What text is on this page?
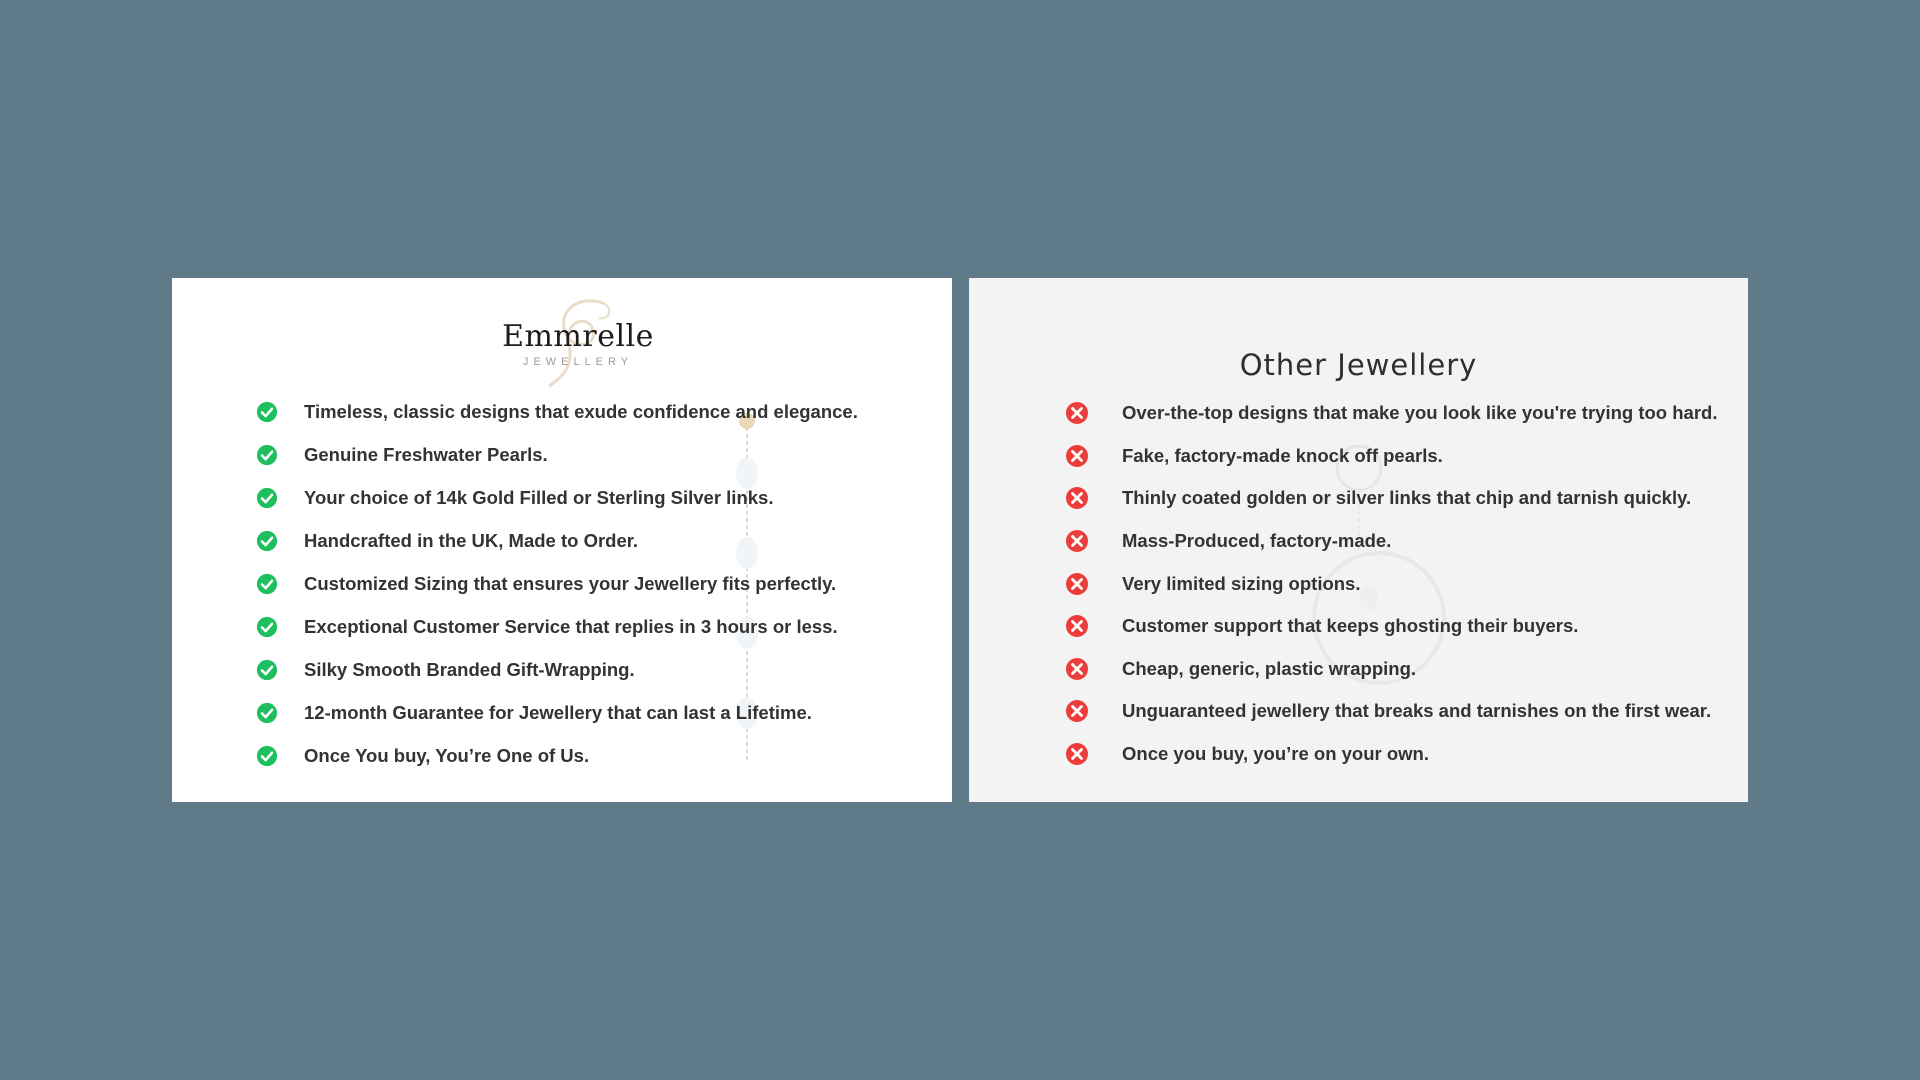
Emmrelle
JEWELLERY
Timeless, classic designs that exude confidence and elegance.
Genuine Freshwater Pearls.
Your choice of 14k Gold Filled or Sterling Silver links.
Handcrafted in the UK, Made to Order.
Customized Sizing that ensures your Jewellery fits perfectly.
Exceptional Customer Service that replies in 3 hours or less.
Silky Smooth Branded Gift-Wrapping.
12-month Guarantee for Jewellery that can last a Lifetime.
Once You buy, You’re One of Us.
Other Jewellery
Over-the-top designs that make you look like you're trying too hard.
Fake, factory-made knock off pearls.
Thinly coated golden or silver links that chip and tarnish quickly.
Mass-Produced, factory-made.
Very limited sizing options.
Customer support that keeps ghosting their buyers.
Cheap, generic, plastic wrapping.
Unguaranteed jewellery that breaks and tarnishes on the first wear.
Once you buy, you’re on your own.
